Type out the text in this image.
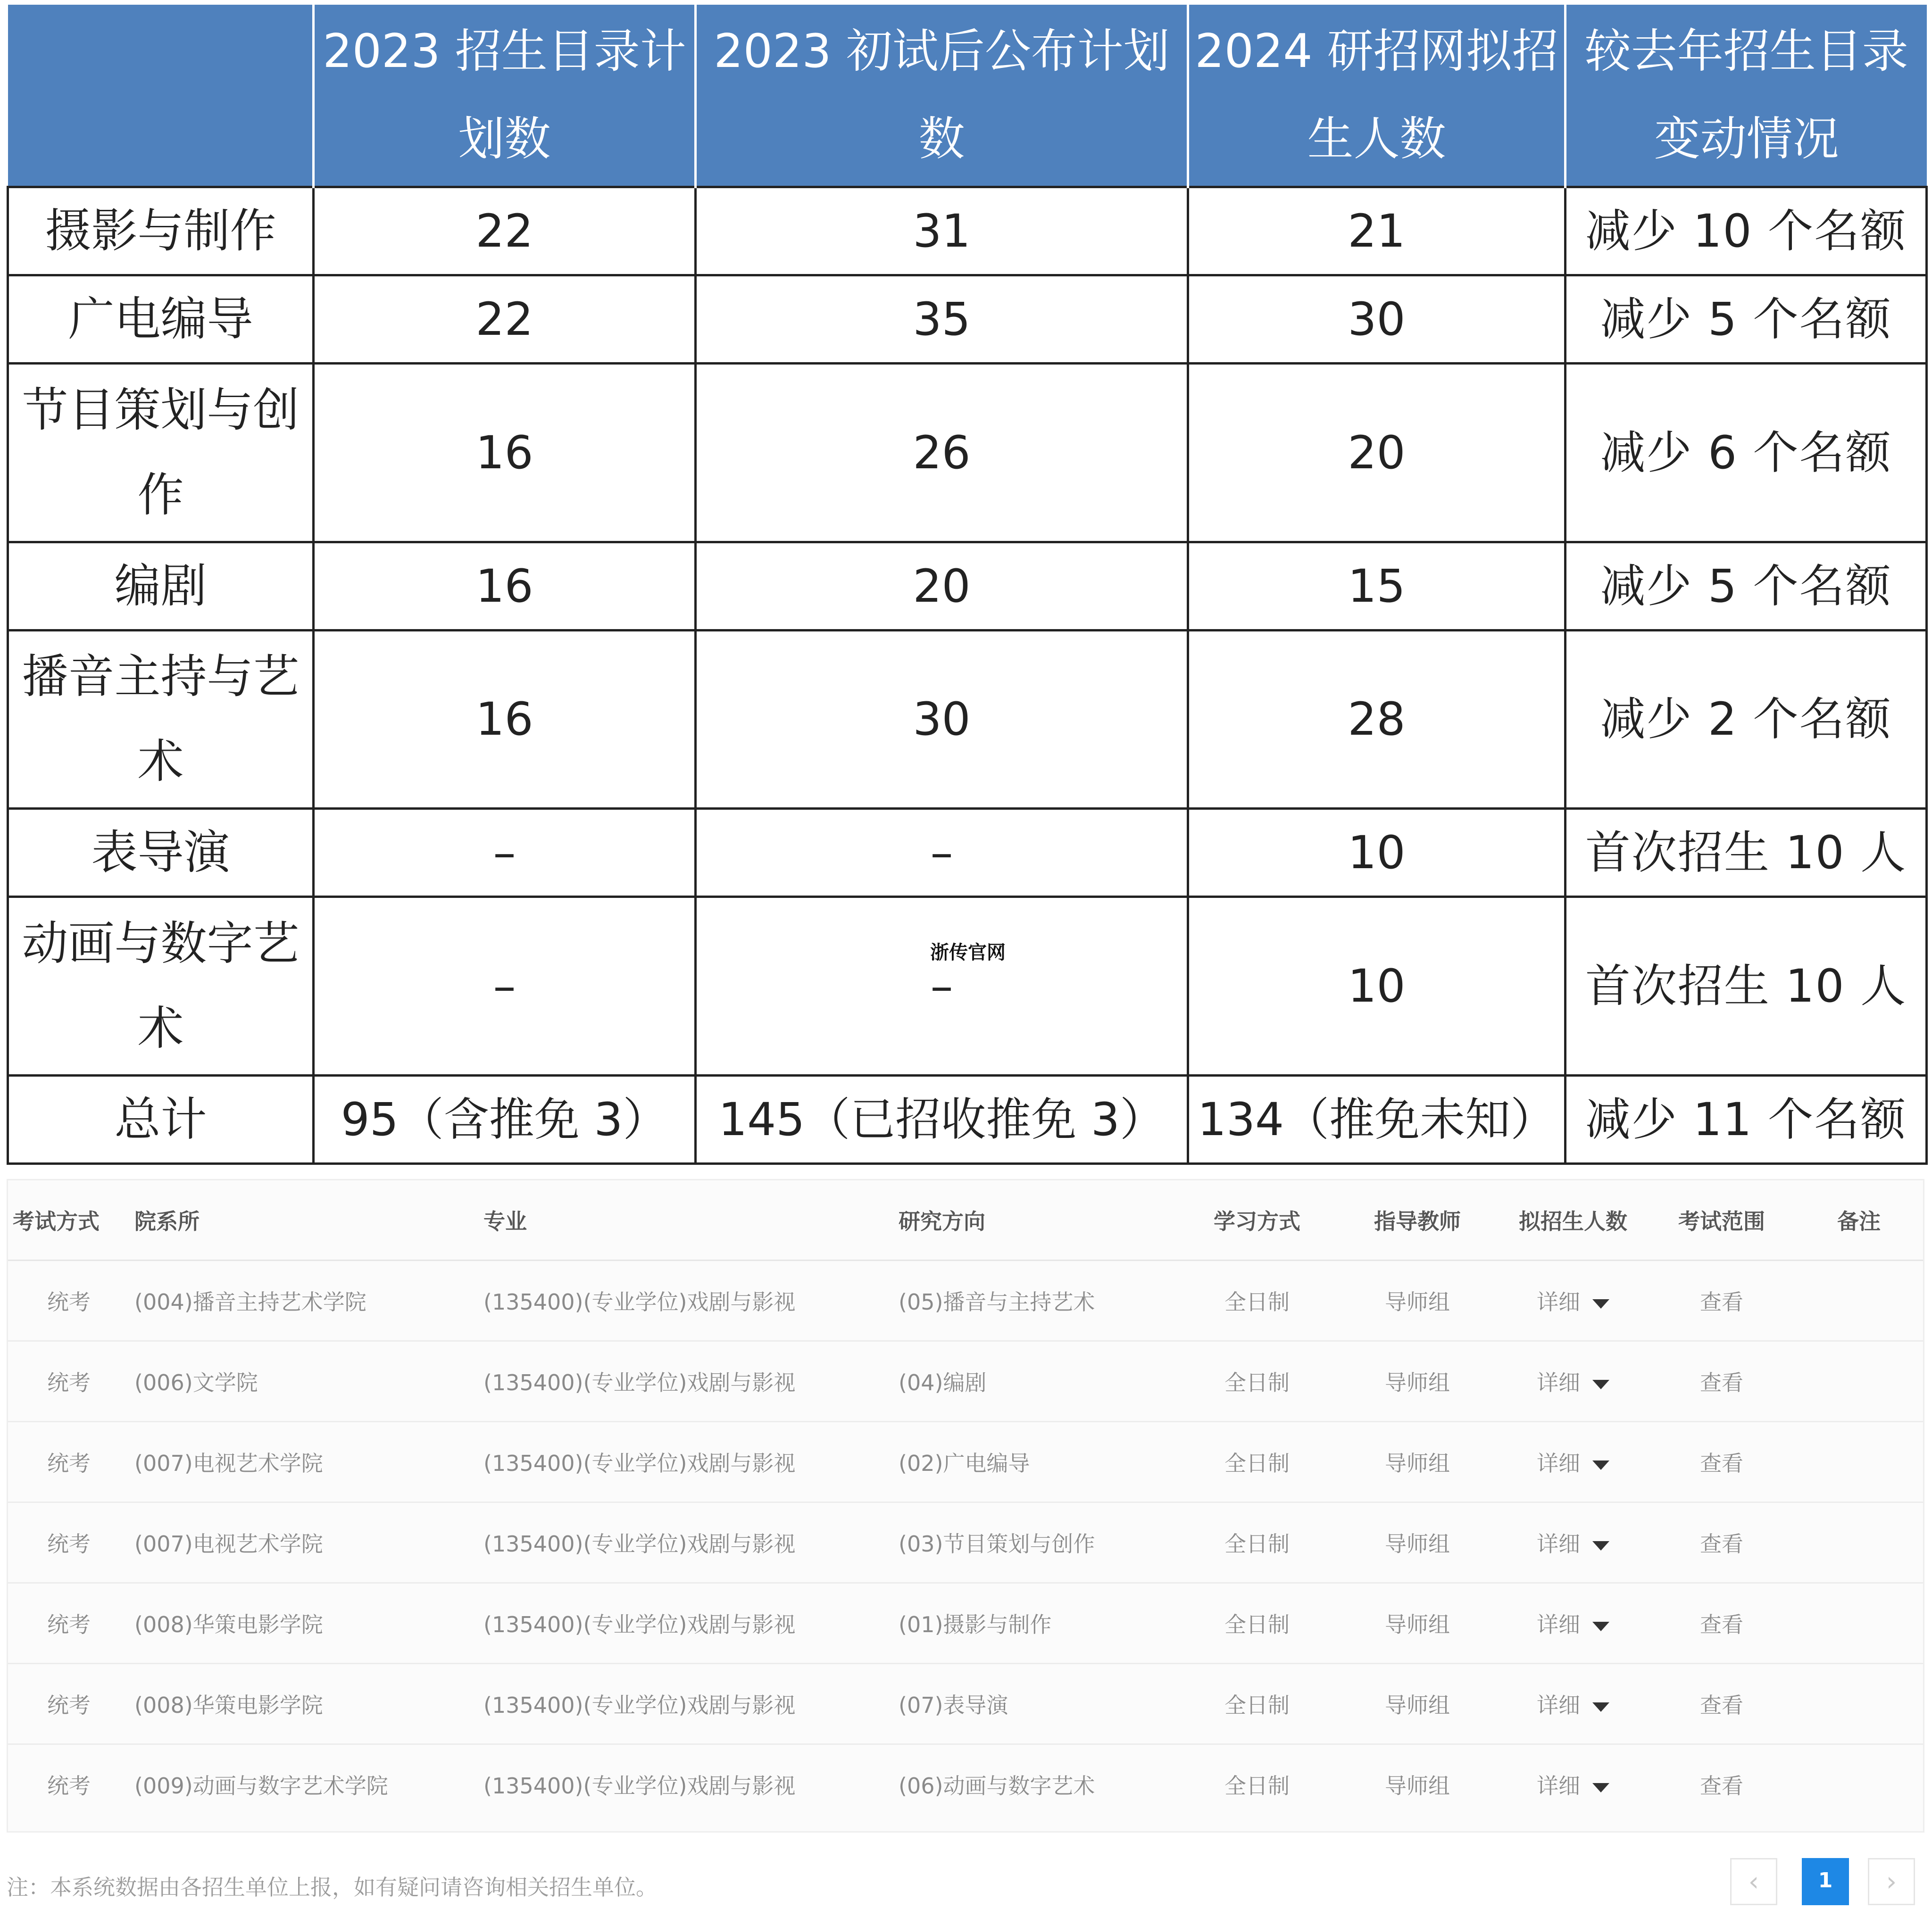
	2023 招生目录计划数	2023 初试后公布计划数	2024 研招网拟招生人数	较去年招生目录变动情况
摄影与制作	22	31	21	减少 10 个名额
广电编导	22	35	30	减少 5 个名额
节目策划与创作	16	26	20	减少 6 个名额
编剧	16	20	15	减少 5 个名额
播音主持与艺术	16	30	28	减少 2 个名额
表导演	–	–	10	首次招生 10 人
动画与数字艺术	–	–	10	首次招生 10 人
总计	95（含推免 3）	145（已招收推免 3）	134（推免未知）	减少 11 个名额
浙传官网
考试方式	院系所	专业	研究方向	学习方式	指导教师	拟招生人数	考试范围	备注
统考	(004)播音主持艺术学院	(135400)(专业学位)戏剧与影视	(05)播音与主持艺术	全日制	导师组	详细	查看	
统考	(006)文学院	(135400)(专业学位)戏剧与影视	(04)编剧	全日制	导师组	详细	查看	
统考	(007)电视艺术学院	(135400)(专业学位)戏剧与影视	(02)广电编导	全日制	导师组	详细	查看	
统考	(007)电视艺术学院	(135400)(专业学位)戏剧与影视	(03)节目策划与创作	全日制	导师组	详细	查看	
统考	(008)华策电影学院	(135400)(专业学位)戏剧与影视	(01)摄影与制作	全日制	导师组	详细	查看	
统考	(008)华策电影学院	(135400)(专业学位)戏剧与影视	(07)表导演	全日制	导师组	详细	查看	
统考	(009)动画与数字艺术学院	(135400)(专业学位)戏剧与影视	(06)动画与数字艺术	全日制	导师组	详细	查看	
注：本系统数据由各招生单位上报，如有疑问请咨询相关招生单位。	‹	1	›
